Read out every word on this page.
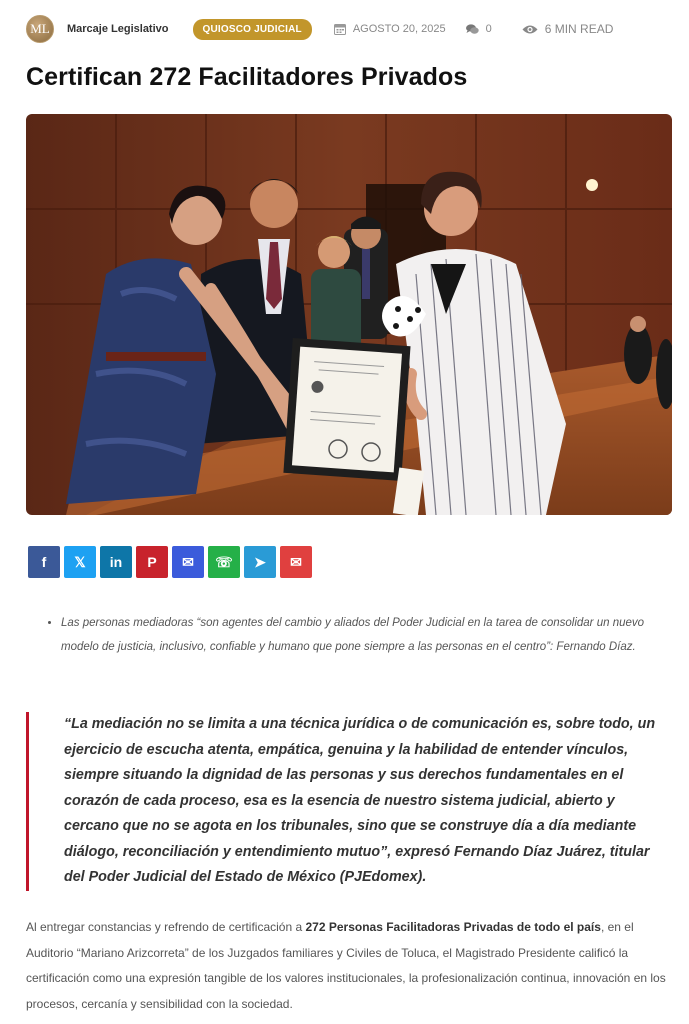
ML	Marcaje Legislativo	QUIOSCO JUDICIAL	AGOSTO 20, 2025	0	6 MIN READ
Certifican 272 Facilitadores Privados
f 𝕏 in P ✉ ☏ ➤ ✉
• Las personas mediadoras “son agentes del cambio y aliados del Poder Judicial en la tarea de consolidar un nuevo modelo de justicia, inclusivo, confiable y humano que pone siempre a las personas en el centro”: Fernando Díaz.

“La mediación no se limita a una técnica jurídica o de comunicación es, sobre todo, un ejercicio de escucha atenta, empática, genuina y la habilidad de entender vínculos, siempre situando la dignidad de las personas y sus derechos fundamentales en el corazón de cada proceso, esa es la esencia de nuestro sistema judicial, abierto y cercano que no se agota en los tribunales, sino que se construye día a día mediante diálogo, reconciliación y entendimiento mutuo”, expresó Fernando Díaz Juárez, titular del Poder Judicial del Estado de México (PJEdomex).

Al entregar constancias y refrendo de certificación a 272 Personas Facilitadoras Privadas de todo el país, en el Auditorio “Mariano Arizcorreta” de los Juzgados familiares y Civiles de Toluca, el Magistrado Presidente calificó la certificación como una expresión tangible de los valores institucionales, la profesionalización continua, innovación en los procesos, cercanía y sensibilidad con la sociedad.
